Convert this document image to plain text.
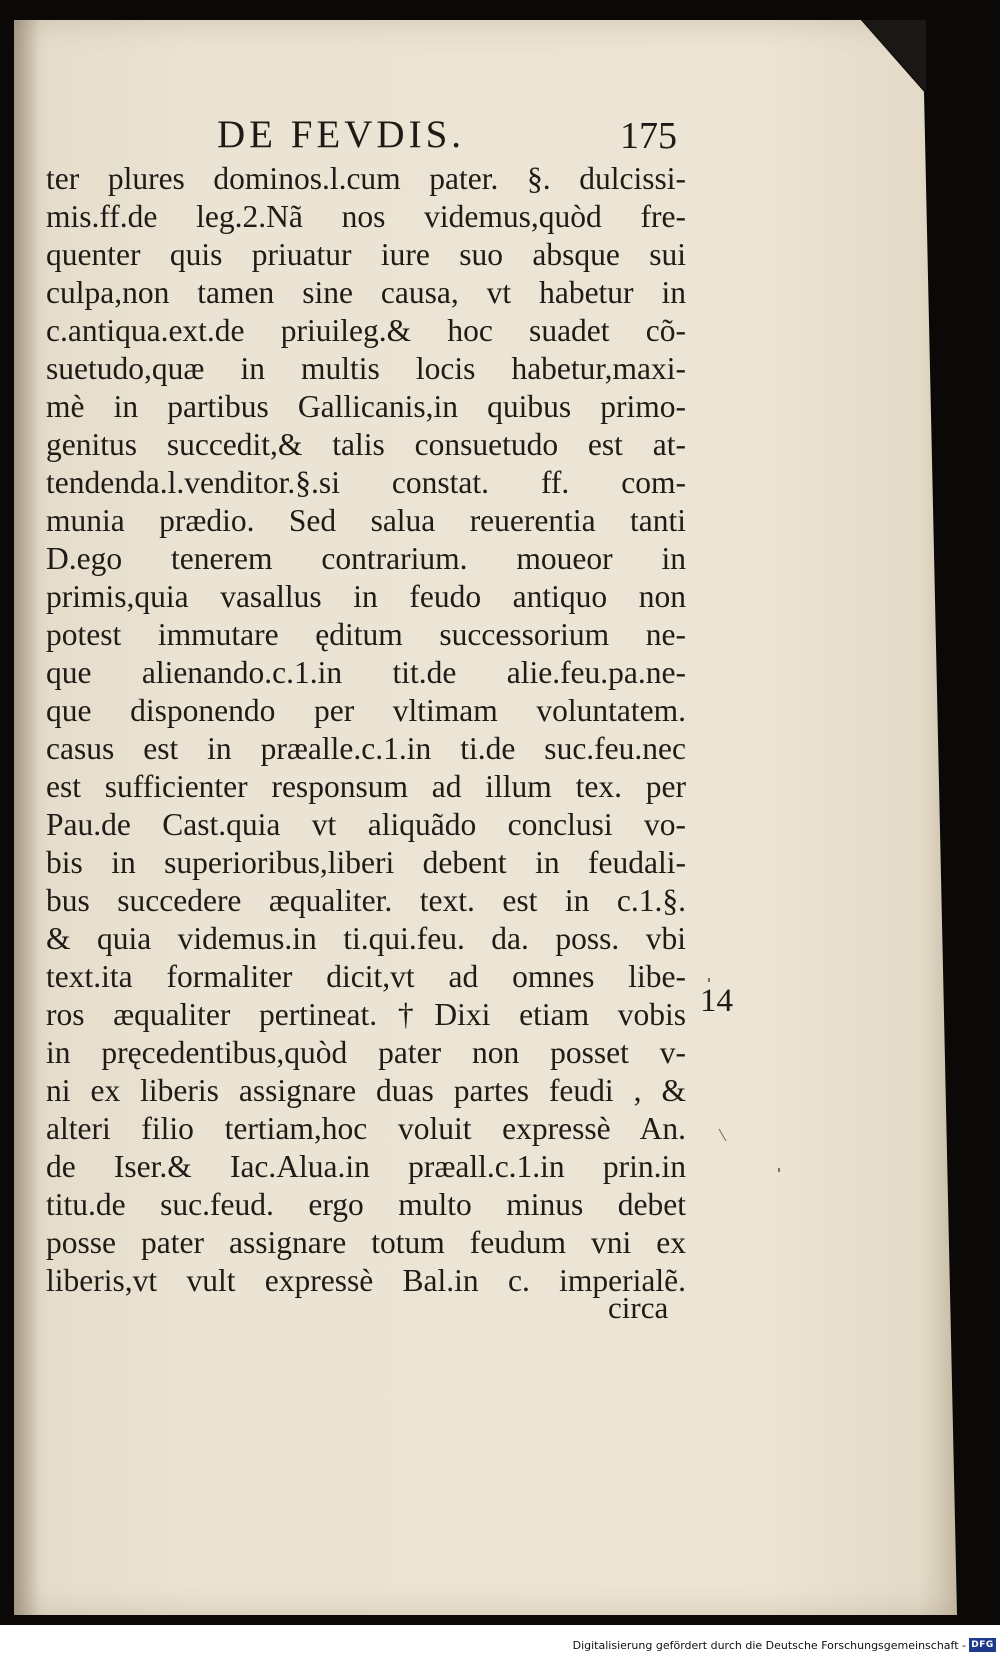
DE FEVDIS.	175
ter plures dominos.l.cum pater. §. dulcissi-
mis.ff.de leg.2.Nã nos videmus,quòd fre-
quenter quis priuatur iure suo absque sui
culpa,non tamen sine causa, vt habetur in
c.antiqua.ext.de priuileg.& hoc suadet cõ-
suetudo,quæ in multis locis habetur,maxi-
mè in partibus Gallicanis,in quibus primo-
genitus succedit,& talis consuetudo est at-
tendenda.l.venditor.§.si constat. ff. com-
munia prædio. Sed salua reuerentia tanti
D.ego tenerem contrarium. moueor in
primis,quia vasallus in feudo antiquo non
potest immutare ęditum successorium ne-
que alienando.c.1.in tit.de alie.feu.pa.ne-
que disponendo per vltimam voluntatem.
casus est in præalle.c.1.in ti.de suc.feu.nec
est sufficienter responsum ad illum tex. per
Pau.de Cast.quia vt aliquãdo conclusi vo-
bis in superioribus,liberi debent in feudali-
bus succedere æqualiter. text. est in c.1.§.
& quia videmus.in ti.qui.feu. da. poss. vbi
text.ita formaliter dicit,vt ad omnes libe-
ros æqualiter pertineat.†Dixi etiam vobis
in pręcedentibus,quòd pater non posset v-
ni ex liberis assignare duas partes feudi , &
alteri filio tertiam,hoc voluit expressè An.
de Iser.& Iac.Alua.in præall.c.1.in prin.in
titu.de suc.feud. ergo multo minus debet
posse pater assignare totum feudum vni ex
liberis,vt vult expressè Bal.in c. imperialẽ.
14
circa
Digitalisierung gefördert durch die Deutsche Forschungsgemeinschaft - DFG
